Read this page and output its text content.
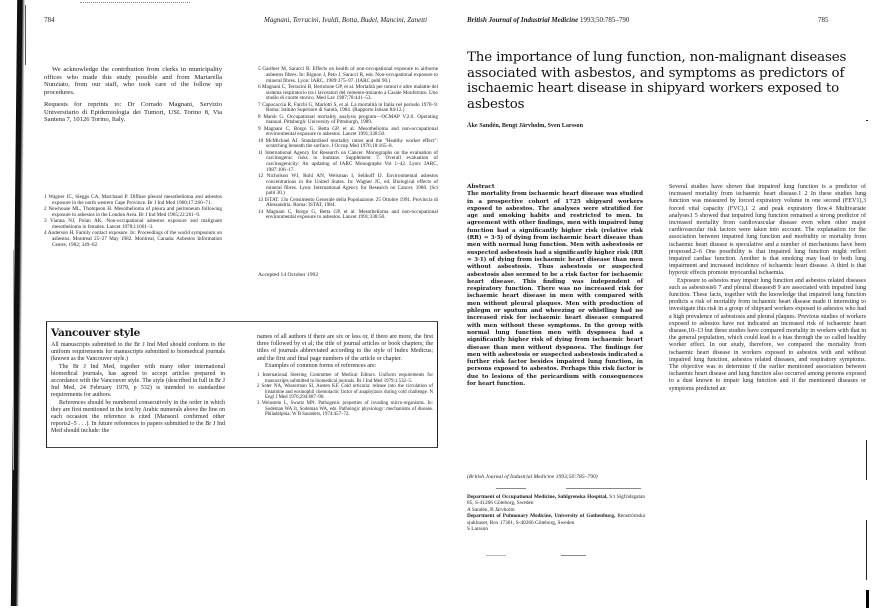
784	Magnani, Terracini, Ivaldi, Botta, Budel, Mancini, Zanetti
We acknowledge the contribution from clerks in municipality offices who made this study possible and from Mariarella Nunziato, from our staff, who took care of the follow up procedures.
Requests for reprints to: Dr Corrado Magnani, Servizio Universitario di Epidemiologia dei Tumori, USL Torino 8, Via Santena 7, 10126 Torino, Italy.
1 Wagner JC, Sleggs CA, Marchand P. Diffuse pleural mesothelioma and asbestos exposure in the north western Cape Province. Br J Ind Med 1960;17:260–71.
2 Newhouse ML, Thompson H. Mesothelioma of pleura and peritoneum following exposure to asbestos in the London Area. Br J Ind Med 1965;22:261–9.
3 Vianna NJ, Polan AK. Non-occupational asbestos exposure and malignant mesothelioma in females. Lancet 1978;i:1061–3.
4 Anderson H. Family contact exposure. In: Proceedings of the world symposium on asbestos. Montreal 25–27 May 1982. Montreal, Canada: Asbestos Information Centre, 1982; 349–62.
5 Gardner M, Saracci R. Effects on health of non-occupational exposure to airborne asbestos fibres. In: Bignon J, Peto J, Saracci R, eds. Non-occupational exposure to mineral fibres. Lyon: IARC, 1989:375–97. (IARC publ 90.)
6 Magnani C, Terracini B, Bertolone GP, et al. Mortalità per tumori e altre malattie del sistema respiratorio tra i lavoratori del cemento-amianto a Casale Monferrato. Uno studio di coorte storico. Med Lav 1987;78:441–53.
7 Capocaccia R, Farchi G, Mariotti S, et al. La mortalità in Italia nel periodo 1970–9. Roma: Istituto Superiore di Sanità, 1984. (Rapporto Istisan 84/12.)
8 Marsh G. Occupational mortality analysis program—OCMAP V.2.0. Operating manual. Pittsburgh: University of Pittsburgh, 1989.
9 Magnani C, Borgo G, Betta GP, et al. Mesothelioma and non-occupational environmental exposure to asbestos. Lancet 1991;338:50.
10 McMichael AJ. Standardised mortality ratios and the "Healthy worker effect": scratching beneath the surface. J Occup Med 1976;18:165–8.
11 International Agency for Research on Cancer. Monographs on the evaluation of carcinogenic risks to humans. Supplement 7. Overall evaluation of carcinogenicity: An updating of IARC Monographs Vol 1–42. Lyon: IARC, 1987:106–17.
12 Nicholson WJ, Rohl AN, Weisman I, Selikoff IJ. Environmental asbestos concentrations in the United States. In: Wagner JC, ed. Biological effects of mineral fibres. Lyon: International Agency for Research on Cancer, 1980. (Sci publ 30.)
13 ISTAT. 13o Censimento Generale della Popolazione. 25 Ottobre 1991. Provincia di Alessandria. Roma: ISTAT, 1984.
14 Magnani C, Borgo G, Betta GP, et al. Mesothelioma and non-occupational environmental exposure to asbestos. Lancet 1991;338:50.
Accepted 14 October 1992
Vancouver style

All manuscripts submitted to the Br J Ind Med should conform to the uniform requirements for manuscripts submitted to biomedical journals (known as the Vancouver style.)

The Br J Ind Med, together with many other international biomedical journals, has agreed to accept articles prepared in accordance with the Vancouver style. The style (described in full in Br J Ind Med, 24 February 1979, p 532) is intended to standardise requirements for authors.

References should be numbered consecutively in the order in which they are first mentioned in the text by Arabic numerals above the line on each occasion the reference is cited (Manson1 confirmed other reports2–5 . . .). In future references to papers submitted to the Br J Ind Med should include: the

names of all authors if there are six or less or, if there are more, the first three followed by et al; the title of journal articles or book chapters; the titles of journals abbreviated according to the style of Index Medicus; and the first and final page numbers of the article or chapter.

Examples of common forms of references are:

1 International Steering Committee of Medical Editors. Uniform requirements for manuscripts submitted to biomedical journals. Br J Ind Med 1979;1:532–5.
2 Soter NA, Wasserman SI, Austen KF. Cold urticaria: release into the circulation of histamine and eosinophil chemotactic factor of anaphylaxis during cold challenge. N Engl J Med 1976;294:687–90.
3 Weinstein L, Swartz MN. Pathogenic properties of invading micro-organisms. In: Sodeman WA Jr, Sodeman WA, eds. Pathologic physiology: mechanisms of disease. Philadelphia: W B Saunders, 1974:457–72.
British Journal of Industrial Medicine 1993;50:785–790	785
The importance of lung function, non-malignant diseases associated with asbestos, and symptoms as predictors of ischaemic heart disease in shipyard workers exposed to asbestos
Åke Sandén, Bengt Järvholm, Sven Larsson
Abstract
The mortality from ischaemic heart disease was studied in a prospective cohort of 1725 shipyard workers exposed to asbestos. The analyses were stratified for age and smoking habits and restricted to men. In agreement with other findings, men with impaired lung function had a significantly higher risk (relative risk (RR) = 3·5) of dying from ischaemic heart disease than men with normal lung function. Men with asbestosis or suspected asbestosis had a significantly higher risk (RR = 3·1) of dying from ischaemic heart disease than men without asbestosis. Thus asbestosis or suspected asbestosis also seemed to be a risk factor for ischaemic heart disease. This finding was independent of respiratory function. There was no increased risk for ischaemic heart disease in men with compared with men without pleural plaques. Men with production of phlegm or sputum and wheezing or whistling had no increased risk for ischaemic heart disease compared with men without these symptoms. In the group with normal lung function men with dyspnoea had a significantly higher risk of dying from ischaemic heart disease than men without dyspnoea. The findings for men with asbestosis or suspected asbestosis indicated a further risk factor besides impaired lung function, in persons exposed to asbestos. Perhaps this risk factor is due to lesions of the pericardium with consequences for heart function.
(British Journal of Industrial Medicine 1993;50:785–790)
Department of Occupational Medicine, Sahlgrenska Hospital, S:t Sigfridsgatan 85, S-41266 Göteborg, Sweden
A Sandén, B Järvholm
Department of Pulmonary Medicine, University of Gothenburg, Renströmska sjukhuset, Box 17301, S-40266 Göteborg, Sweden
S Larsson

Several studies have shown that impaired lung function is a predictor of increased mortality from ischaemic heart disease.1 2 In these studies lung function was measured by forced expiratory volume in one second (FEV1),3 forced vital capacity (FVC),1 2 and peak expiratory flow.4 Multivariate analyses1 5 showed that impaired lung function remained a strong predictor of increased mortality from cardiovascular disease even when other major cardiovascular risk factors were taken into account. The explanation for the association between impaired lung function and morbidity or mortality from ischaemic heart disease is speculative and a number of mechanisms have been proposed.2–6 One possibility is that impaired lung function might reflect impaired cardiac function. Another is that smoking may lead to both lung impairment and increased incidence of ischaemic heart disease. A third is that hypoxic effects promote myocardial ischaemia.

Exposure to asbestos may impair lung function and asbestos related diseases such as asbestosis6 7 and pleural diseases8 9 are associated with impaired lung function. These facts, together with the knowledge that impaired lung function predicts a risk of mortality from ischaemic heart disease made it interesting to investigate this risk in a group of shipyard workers exposed to asbestos who had a high prevalence of asbestosis and pleural plaques. Previous studies of workers exposed to asbestos have not indicated an increased risk of ischaemic heart disease,10–13 but these studies have compared mortality in workers with that in the general population, which could lead to a bias through the so called healthy worker effect. In our study, therefore, we compared the mortality from ischaemic heart disease in workers exposed to asbestos with and without impaired lung function, asbestos related diseases, and respiratory symptoms. The objective was to determine if the earlier mentioned association between ischaemic heart disease and lung function also occurred among persons exposed to a dust known to impair lung function and if the mentioned diseases or symptoms predicted an
